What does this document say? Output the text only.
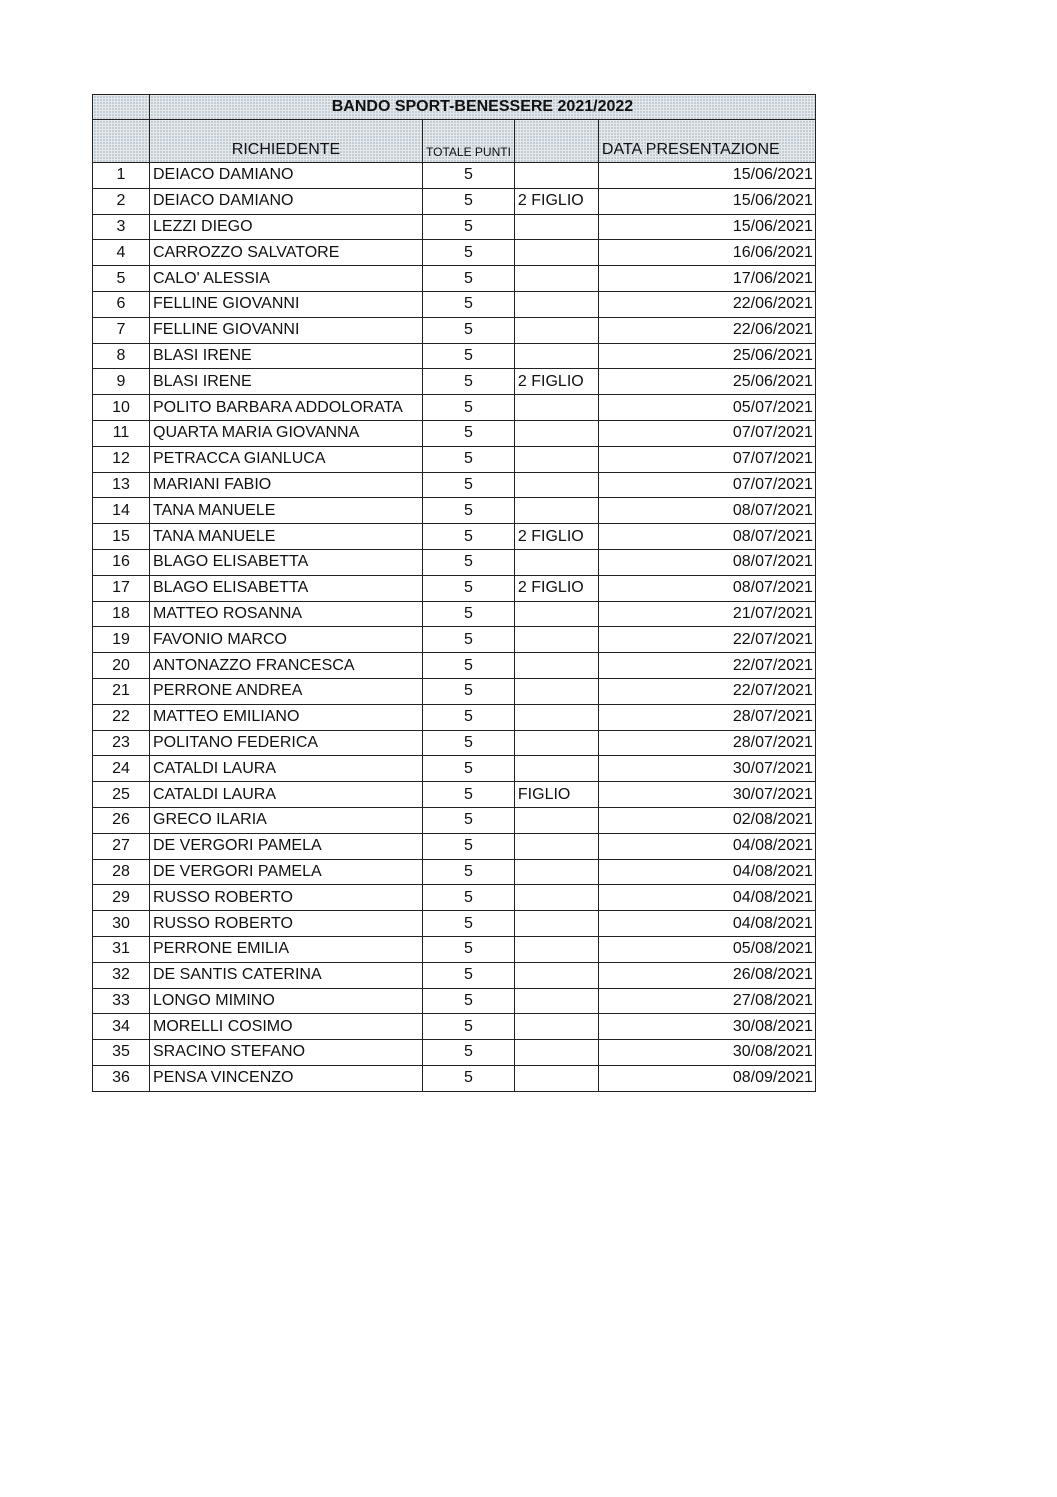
	BANDO SPORT-BENESSERE 2021/2022			
	RICHIEDENTE	TOTALE PUNTI		DATA PRESENTAZIONE
1	DEIACO DAMIANO	5		15/06/2021
2	DEIACO DAMIANO	5	2 FIGLIO	15/06/2021
3	LEZZI DIEGO	5		15/06/2021
4	CARROZZO SALVATORE	5		16/06/2021
5	CALO' ALESSIA	5		17/06/2021
6	FELLINE GIOVANNI	5		22/06/2021
7	FELLINE GIOVANNI	5		22/06/2021
8	BLASI IRENE	5		25/06/2021
9	BLASI IRENE	5	2 FIGLIO	25/06/2021
10	POLITO BARBARA ADDOLORATA	5		05/07/2021
11	QUARTA MARIA GIOVANNA	5		07/07/2021
12	PETRACCA GIANLUCA	5		07/07/2021
13	MARIANI FABIO	5		07/07/2021
14	TANA MANUELE	5		08/07/2021
15	TANA MANUELE	5	2 FIGLIO	08/07/2021
16	BLAGO ELISABETTA	5		08/07/2021
17	BLAGO ELISABETTA	5	2 FIGLIO	08/07/2021
18	MATTEO ROSANNA	5		21/07/2021
19	FAVONIO MARCO	5		22/07/2021
20	ANTONAZZO FRANCESCA	5		22/07/2021
21	PERRONE ANDREA	5		22/07/2021
22	MATTEO EMILIANO	5		28/07/2021
23	POLITANO FEDERICA	5		28/07/2021
24	CATALDI LAURA	5		30/07/2021
25	CATALDI LAURA	5	FIGLIO	30/07/2021
26	GRECO ILARIA	5		02/08/2021
27	DE VERGORI PAMELA	5		04/08/2021
28	DE VERGORI PAMELA	5		04/08/2021
29	RUSSO ROBERTO	5		04/08/2021
30	RUSSO ROBERTO	5		04/08/2021
31	PERRONE EMILIA	5		05/08/2021
32	DE SANTIS CATERINA	5		26/08/2021
33	LONGO MIMINO	5		27/08/2021
34	MORELLI COSIMO	5		30/08/2021
35	SRACINO STEFANO	5		30/08/2021
36	PENSA VINCENZO	5		08/09/2021
